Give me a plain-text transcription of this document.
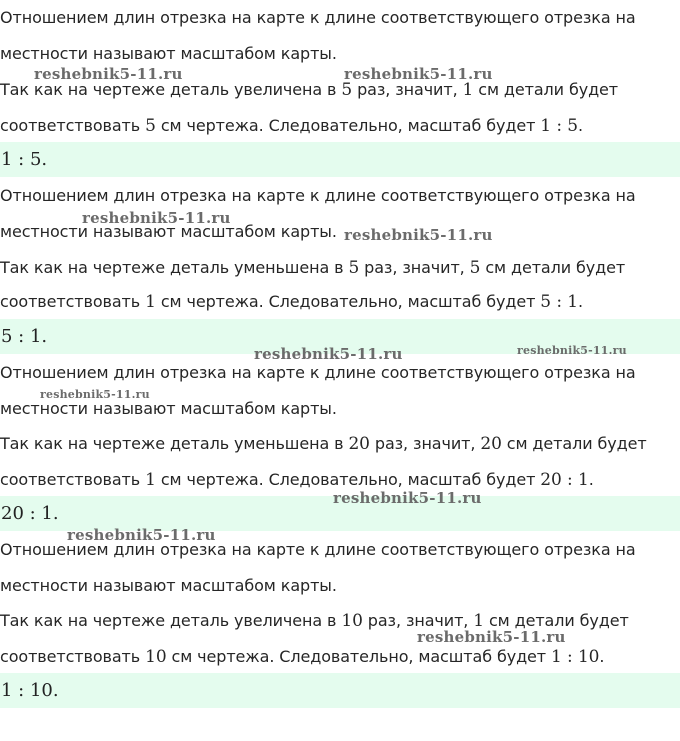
Отношением длин отрезка на карте к длине соответствующего отрезка на
местности называют масштабом карты.
Так как на чертеже деталь увеличена в 5 раз, значит, 1 см детали будет
соответствовать 5 см чертежа. Следовательно, масштаб будет 1 : 5.
1 : 5.
Отношением длин отрезка на карте к длине соответствующего отрезка на
местности называют масштабом карты.
Так как на чертеже деталь уменьшена в 5 раз, значит, 5 см детали будет
соответствовать 1 см чертежа. Следовательно, масштаб будет 5 : 1.
5 : 1.
Отношением длин отрезка на карте к длине соответствующего отрезка на
местности называют масштабом карты.
Так как на чертеже деталь уменьшена в 20 раз, значит, 20 см детали будет
соответствовать 1 см чертежа. Следовательно, масштаб будет 20 : 1.
20 : 1.
Отношением длин отрезка на карте к длине соответствующего отрезка на
местности называют масштабом карты.
Так как на чертеже деталь увеличена в 10 раз, значит, 1 см детали будет
соответствовать 10 см чертежа. Следовательно, масштаб будет 1 : 10.
1 : 10.
reshebnik5-11.ru	reshebnik5-11.ru
reshebnik5-11.ru
reshebnik5-11.ru
reshebnik5-11.ru	reshebnik5-11.ru
reshebnik5-11.ru
reshebnik5-11.ru
reshebnik5-11.ru
reshebnik5-11.ru
